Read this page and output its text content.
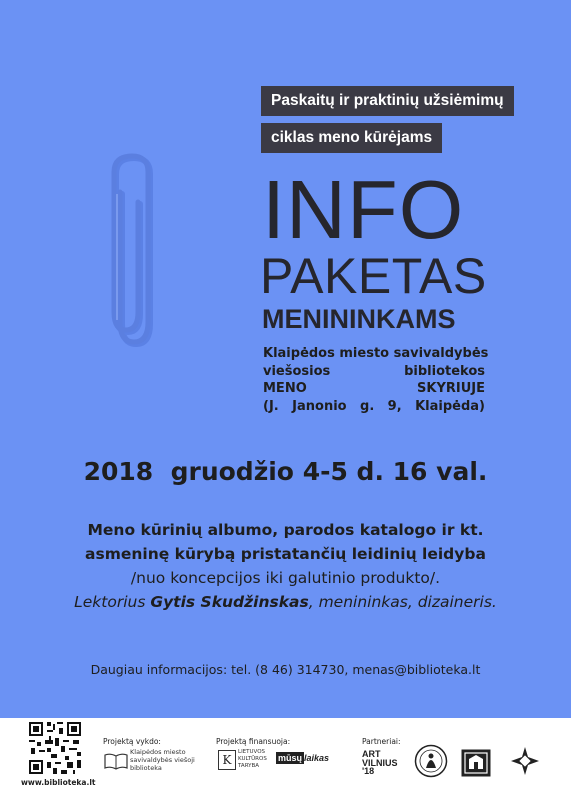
Paskaitų ir praktinių užsiėmimų
ciklas meno kūrėjams
INFO
PAKETAS
MENININKAMS
Klaipėdos miesto savivaldybės
viešosios bibliotekos
MENO SKYRIUJE
(J. Janonio g. 9, Klaipėda)
2018  gruodžio 4-5 d. 16 val.
Meno kūrinių albumo, parodos katalogo ir kt.
asmeninę kūrybą pristatančių leidinių leidyba
/nuo koncepcijos iki galutinio produkto/.
Lektorius Gytis Skudžinskas, menininkas, dizaineris.
Daugiau informacijos: tel. (8 46) 314730, menas@biblioteka.lt
www.biblioteka.lt
Projektą vykdo:
Klaipėdos miesto
savivaldybės viešoji
biblioteka
Projektą finansuoja:
K
LIETUVOS
KULTŪROS
TARYBA
mūsų laikas
Partneriai:
ART
VILNIUS
'18
